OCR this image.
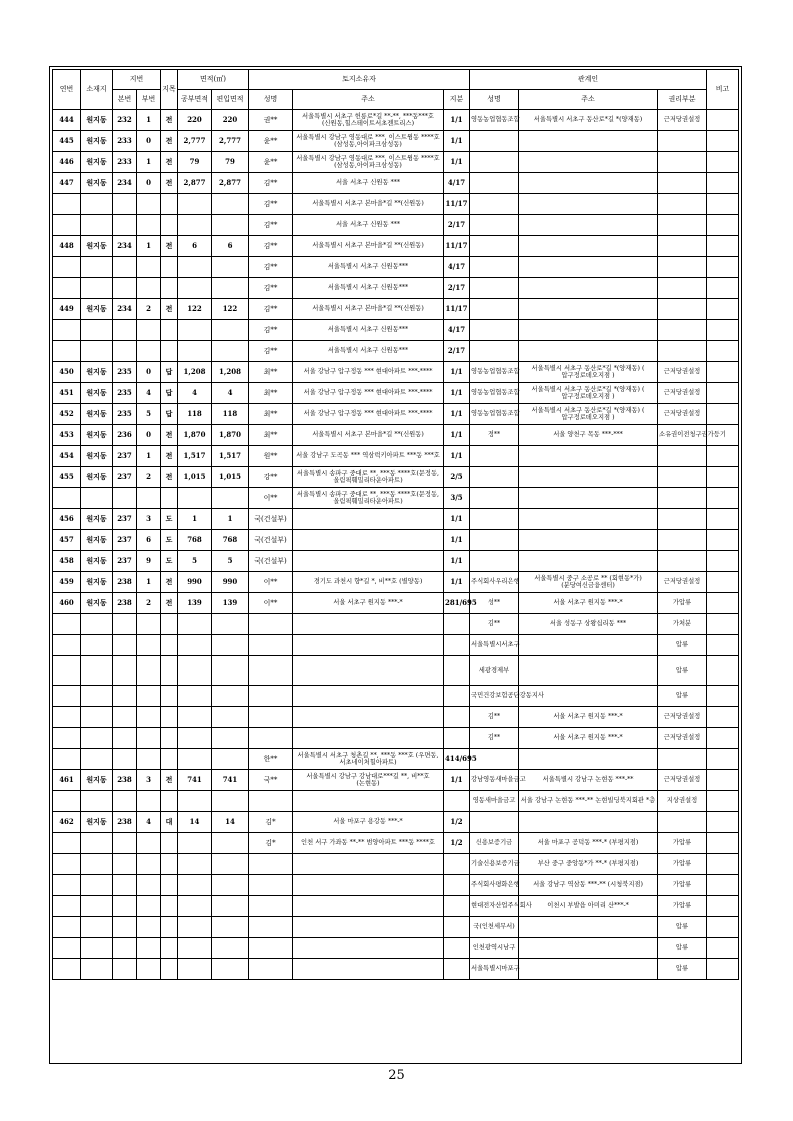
연번	소재지	지번		지목	면적(㎡)		토지소유자			관계인			비고
		본번	부번		공부면적	편입면적	성명	주소	지분	성명	주소	권리부분	
444	원지동	232	1	전	220	220	권**	서울특별시 서초구 헌릉로*길 **-**, ***동***호(신원동,힐스테이트서초젠트리스)	1/1	영동농업협동조합	서울특별시 서초구 동산로*길 *(양재동)	근저당권설정	
445	원지동	233	0	전	2,777	2,777	윤**	서울특별시 강남구 영동대로 ***, 이스트윙동 ****호 (삼성동,아이파크삼성동)	1/1				
446	원지동	233	1	전	79	79	윤**	서울특별시 강남구 영동대로 ***, 이스트윙동 ****호 (삼성동,아이파크삼성동)	1/1				
447	원지동	234	0	전	2,877	2,877	김**	서울 서초구 신원동 ***	4/17				
							김**	서울특별시 서초구 본마을*길 **(신원동)	11/17				
							김**	서울 서초구 신원동 ***	2/17				
448	원지동	234	1	전	6	6	김**	서울특별시 서초구 본마을*길 **(신원동)	11/17				
							김**	서울특별시 서초구 신원동***	4/17				
							김**	서울특별시 서초구 신원동***	2/17				
449	원지동	234	2	전	122	122	김**	서울특별시 서초구 본마을*길 **(신원동)	11/17				
							김**	서울특별시 서초구 신원동***	4/17				
							김**	서울특별시 서초구 신원동***	2/17				
450	원지동	235	0	답	1,208	1,208	최**	서울 강남구 압구정동 *** 현대아파트 ***-****	1/1	영동농업협동조합	서울특별시 서초구 동산로*길 *(양재동) ( 압구정로데오지점 )	근저당권설정	
451	원지동	235	4	답	4	4	최**	서울 강남구 압구정동 *** 현대아파트 ***-****	1/1	영동농업협동조합	서울특별시 서초구 동산로*길 *(양재동) ( 압구정로데오지점 )	근저당권설정	
452	원지동	235	5	답	118	118	최**	서울 강남구 압구정동 *** 현대아파트 ***-****	1/1	영동농업협동조합	서울특별시 서초구 동산로*길 *(양재동) ( 압구정로데오지점 )	근저당권설정	
453	원지동	236	0	전	1,870	1,870	최**	서울특별시 서초구 본마을*길 **(신원동)	1/1	정**	서울 양천구 목동 ***-***	소유권이전청구권가등기	
454	원지동	237	1	전	1,517	1,517	원**	서울 강남구 도곡동 *** 역삼럭키아파트 ***동 ***호	1/1				
455	원지동	237	2	전	1,015	1,015	강**	서울특별시 송파구 중대로 **, ***동 ****호(문정동, 올림픽훼밀리타운아파트)	2/5				
							이**	서울특별시 송파구 중대로 **, ***동 ****호(문정동, 올림픽훼밀리타운아파트)	3/5				
456	원지동	237	3	도	1	1	국(건설부)		1/1				
457	원지동	237	6	도	768	768	국(건설부)		1/1				
458	원지동	237	9	도	5	5	국(건설부)		1/1				
459	원지동	238	1	전	990	990	이**	경기도 과천시 향*길 *, 비**호 (별양동)	1/1	주식회사우리은행	서울특별시 중구 소공로 ** (회현동*가) (분당여신금융센터)	근저당권설정	
460	원지동	238	2	전	139	139	이**	서울 서초구 원지동 ***-*	281/695	성**	서울 서초구 원지동 ***-*	가압류	
										김**	서울 성동구 상왕십리동 ***	가처분	
										서울특별시서초구		압류	
										세광경제부		압류	
										국민건강보험공단강동지사		압류	
										김**	서울 서초구 원지동 ***-*	근저당권설정	
										김**	서울 서초구 원지동 ***-*	근저당권설정	
							한**	서울특별시 서초구 청촌길 **, ***동 ***호 (우면동,서초네이처힐아파트)	414/695				
461	원지동	238	3	전	741	741	국**	서울특별시 강남구 강남대로***길 **, 비**호 (논현동)	1/1	강남영동새마을금고	서울특별시 강남구 논현동 ***-**	근저당권설정	
										영동새마을금고	서울 강남구 논현동 ***-** 논현빌딩북지회관 *층	지상권설정	
462	원지동	238	4	대	14	14	김*	서울 마포구 용강동 ***-*	1/2				
							김*	인천 서구 가좌동 **-** 범양아파트 ***동 ****호	1/2	신용보증기금	서울 마포구 공덕동 ***-* (부평지점)	가압류	
										기술신용보증기금	부산 중구 중앙동*가 **-* (부평지점)	가압류	
										주식회사평화은행	서울 강남구 역삼동 ***-** (시청북지점)	가압류	
										현대전자산업주식회사	이천시 부발읍 아미리 산***-*	가압류	
										국(인천세무서)		압류	
										인천광역시남구		압류	
										서울특별시마포구		압류	
25
